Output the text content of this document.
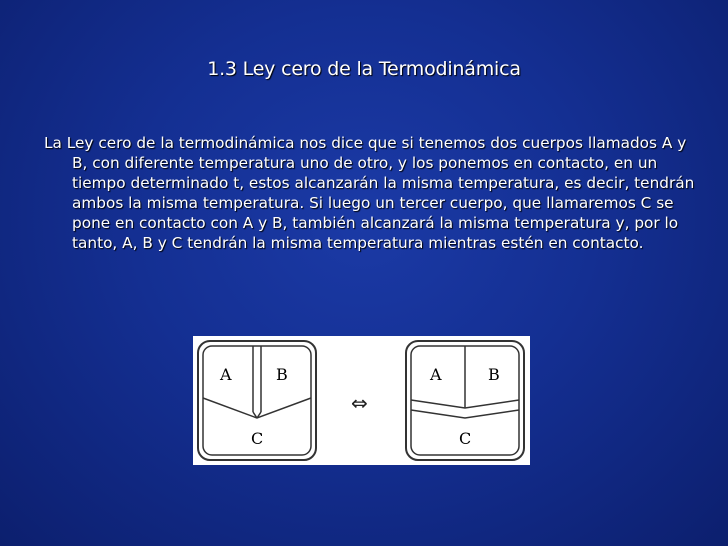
1.3 Ley cero de la Termodinámica
La Ley cero de la termodinámica nos dice que si tenemos dos cuerpos llamados A y B, con diferente temperatura uno de otro, y los ponemos en contacto, en un tiempo determinado t, estos alcanzarán la misma temperatura, es decir, tendrán ambos la misma temperatura. Si luego un tercer cuerpo, que llamaremos C se pone en contacto con A y B, también alcanzará la misma temperatura y, por lo tanto, A, B y C tendrán la misma temperatura mientras estén en contacto.
A	B
C
⇔
A	B
C
